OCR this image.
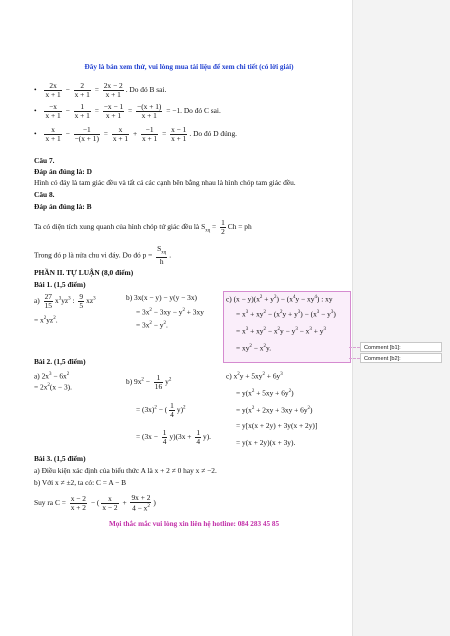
Đây là bản xem thử, vui lòng mua tài liệu để xem chi tiết (có lời giải)

• $\frac{2x}{x + 1} - \frac{2}{x + 1} = \frac{2x - 2}{x + 1}$ . Do đó B sai.

• $\frac{-x}{x + 1} - \frac{1}{x + 1} = \frac{-x - 1}{x + 1} = \frac{-(x + 1)}{x + 1} = -1$. Do đó C sai.

• $\frac{x}{x + 1} - \frac{-1}{-(x + 1)} = \frac{x}{x + 1} + \frac{-1}{x + 1} = \frac{x - 1}{x + 1}$ . Do đó D đúng.
Câu 7.
Đáp án đúng là: D
Hình có đáy là tam giác đều và tất cả các cạnh bên bằng nhau là hình chóp tam giác đều.
Câu 8.
Đáp án đúng là: B
Ta có diện tích xung quanh của hình chóp tứ giác đều là $S_{xq} = \frac{1}{2}$ Ch = ph
Trong đó p là nửa chu vi đáy. Do đó $p = \frac{S_{xq}}{h}$ .
PHẦN II. TỰ LUẬN (8,0 điểm)
Bài 1. (1,5 điểm)
$a) \frac{27}{15} x^3yz^3$ : $\frac{9}{5} xz^3$
= $x^2yz^2$.
b) 3x(x − y) − y(y − 3x)
= $3x^2 - 3xy - y^2 + 3xy$
= $3x^2 - y^2$.
c) $(x - y)(x^2 + y^2) - (x^4y - xy^4)$ : xy
= $x^3 + xy^2 - (x^2y + y^3) - (x^3 - y^3)$
= $x^3 + xy^2 - x^2y - y^3 - x^3 + y^3$
= $xy^2 - x^2y$.
Bài 2. (1,5 điểm)
a) $2x^3 - 6x^2$
= $2x^2(x - 3)$.
b) $9x^2 - \frac{1}{16} y^2$
= $(3x)^2$ − ( $\frac{1}{4} y)^2$
= $(3x - \frac{1}{4} y)(3x + \frac{1}{4} y)$.
c) $x^2y + 5xy^2 + 6y^3$
= $y(x^2 + 5xy + 6y^2)$
= $y(x^2 + 2xy + 3xy + 6y^2)$
= y[x(x + 2y) + 3y(x + 2y)]
= y(x + 2y)(x + 3y).
Bài 3. (1,5 điểm)
a) Điều kiện xác định của biểu thức A là x + 2 ≠ 0 hay x ≠ −2.
b) Với x ≠ ±2, ta có: C = A − B
Suy ra $C = \frac{x - 2}{x + 2}$ − ( $\frac{x}{x - 2} + \frac{9x + 2}{4 - x^2}$ )
Mọi thắc mắc vui lòng xin liên hệ hotline: 084 283 45 85
Comment [b1]:
Comment [b2]:
